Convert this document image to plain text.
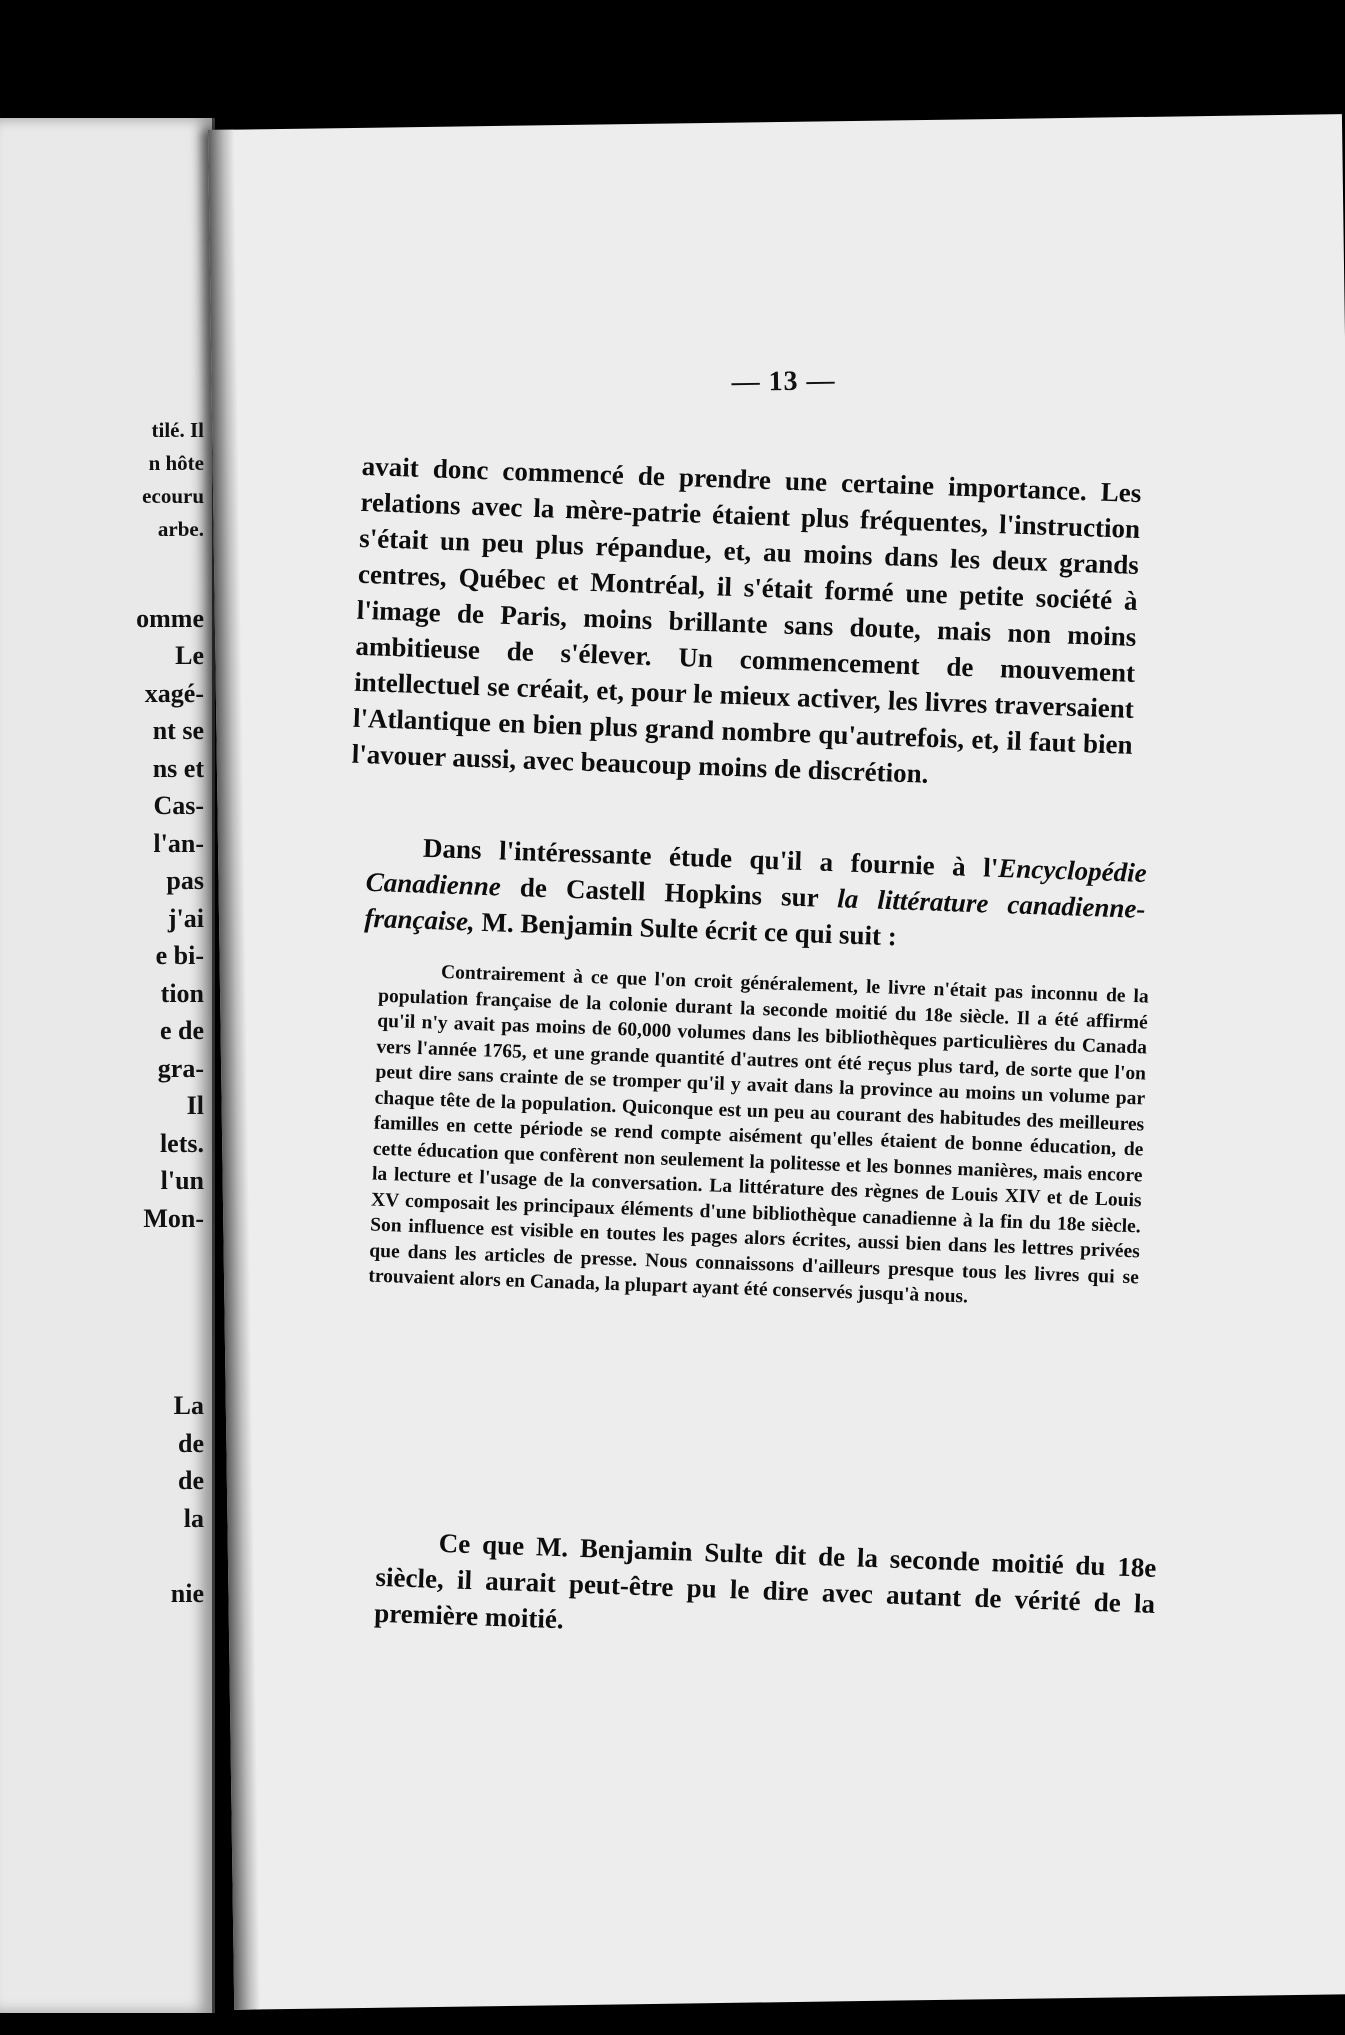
tilé. Il
n hôte
ecouru
arbe.
omme
Le
xagé-
nt se
ns et
Cas-
l'an-
pas
j'ai
e bi-
tion
e de
gra-
Il
lets.
l'un
Mon-
La
de
de
la
nie
— 13 —
avait donc commencé de prendre une certaine importance. Les relations avec la mère-patrie étaient plus fréquentes, l'instruction s'était un peu plus répandue, et, au moins dans les deux grands centres, Québec et Montréal, il s'était formé une petite société à l'image de Paris, moins brillante sans doute, mais non moins ambitieuse de s'élever. Un commencement de mouvement intellectuel se créait, et, pour le mieux activer, les livres traversaient l'Atlantique en bien plus grand nombre qu'autrefois, et, il faut bien l'avouer aussi, avec beaucoup moins de discrétion.
Dans l'intéressante étude qu'il a fournie à l'Encyclopédie Canadienne de Castell Hopkins sur la littérature canadienne-française, M. Benjamin Sulte écrit ce qui suit :
Contrairement à ce que l'on croit généralement, le livre n'était pas inconnu de la population française de la colonie durant la seconde moitié du 18e siècle. Il a été affirmé qu'il n'y avait pas moins de 60,000 volumes dans les bibliothèques particulières du Canada vers l'année 1765, et une grande quantité d'autres ont été reçus plus tard, de sorte que l'on peut dire sans crainte de se tromper qu'il y avait dans la province au moins un volume par chaque tête de la population. Quiconque est un peu au courant des habitudes des meilleures familles en cette période se rend compte aisément qu'elles étaient de bonne éducation, de cette éducation que confèrent non seulement la politesse et les bonnes manières, mais encore la lecture et l'usage de la conversation. La littérature des règnes de Louis XIV et de Louis XV composait les principaux éléments d'une bibliothèque canadienne à la fin du 18e siècle. Son influence est visible en toutes les pages alors écrites, aussi bien dans les lettres privées que dans les articles de presse. Nous connaissons d'ailleurs presque tous les livres qui se trouvaient alors en Canada, la plupart ayant été conservés jusqu'à nous.
Ce que M. Benjamin Sulte dit de la seconde moitié du 18e siècle, il aurait peut-être pu le dire avec autant de vérité de la première moitié.
